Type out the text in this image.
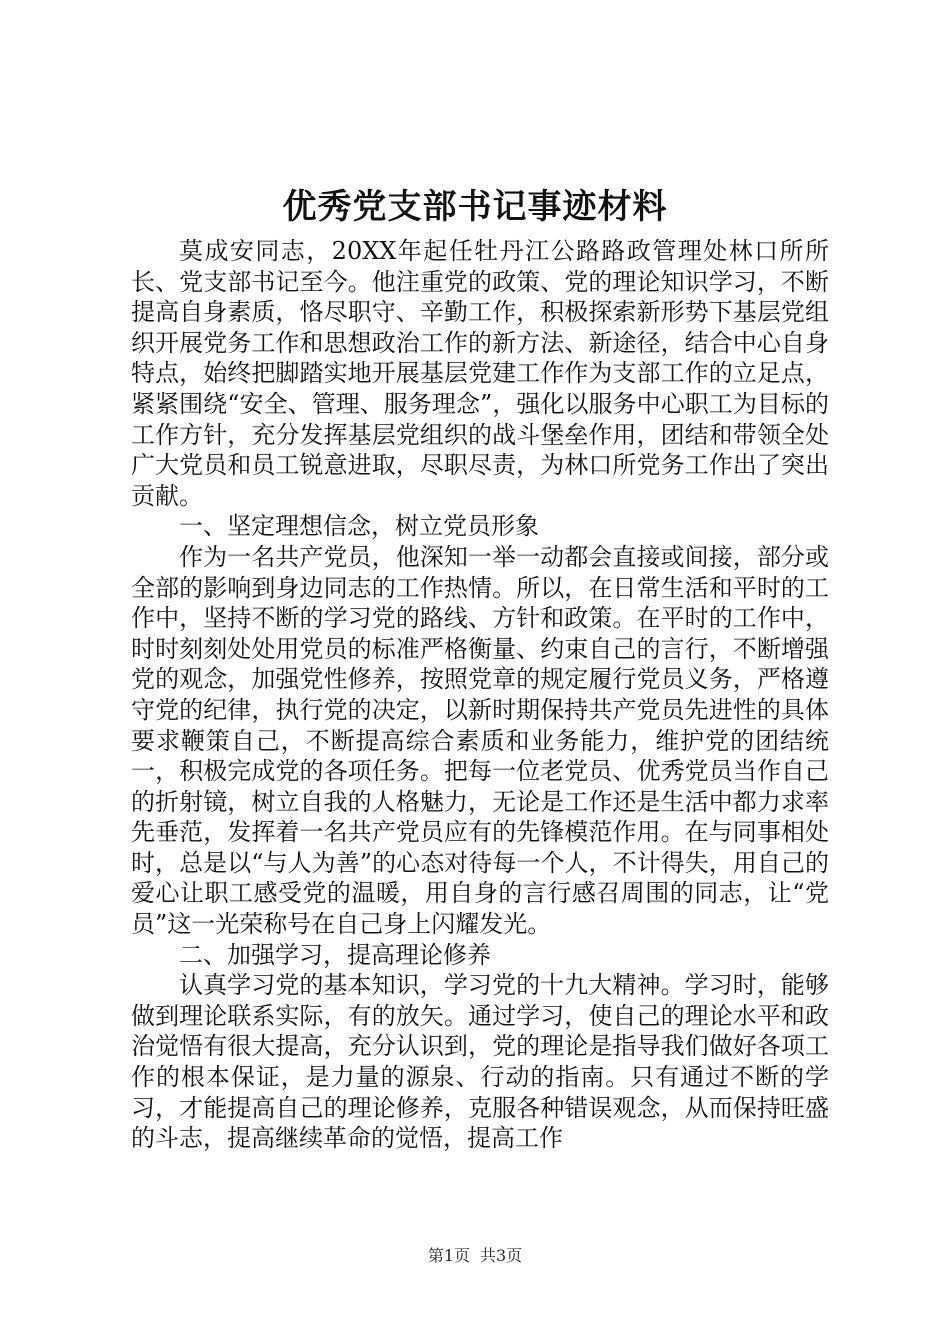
优秀党支部书记事迹材料

莫成安同志，20XX年起任牡丹江公路路政管理处林口所所长、党支部书记至今。他注重党的政策、党的理论知识学习，不断提高自身素质，恪尽职守、辛勤工作，积极探索新形势下基层党组织开展党务工作和思想政治工作的新方法、新途径，结合中心自身特点，始终把脚踏实地开展基层党建工作作为支部工作的立足点，紧紧围绕“安全、管理、服务理念”，强化以服务中心职工为目标的工作方针，充分发挥基层党组织的战斗堡垒作用，团结和带领全处广大党员和员工锐意进取，尽职尽责，为林口所党务工作出了突出贡献。

一、坚定理想信念，树立党员形象

作为一名共产党员，他深知一举一动都会直接或间接，部分或全部的影响到身边同志的工作热情。所以，在日常生活和平时的工作中，坚持不断的学习党的路线、方针和政策。在平时的工作中，时时刻刻处处用党员的标准严格衡量、约束自己的言行，不断增强党的观念，加强党性修养，按照党章的规定履行党员义务，严格遵守党的纪律，执行党的决定，以新时期保持共产党员先进性的具体要求鞭策自己，不断提高综合素质和业务能力，维护党的团结统一，积极完成党的各项任务。把每一位老党员、优秀党员当作自己的折射镜，树立自我的人格魅力，无论是工作还是生活中都力求率先垂范，发挥着一名共产党员应有的先锋模范作用。在与同事相处时，总是以“与人为善”的心态对待每一个人，不计得失，用自己的爱心让职工感受党的温暖，用自身的言行感召周围的同志，让“党员”这一光荣称号在自己身上闪耀发光。

二、加强学习，提高理论修养

认真学习党的基本知识，学习党的十九大精神。学习时，能够做到理论联系实际，有的放矢。通过学习，使自己的理论水平和政治觉悟有很大提高，充分认识到，党的理论是指导我们做好各项工作的根本保证，是力量的源泉、行动的指南。只有通过不断的学习，才能提高自己的理论修养，克服各种错误观念，从而保持旺盛的斗志，提高继续革命的觉悟，提高工作

第1页 共3页
